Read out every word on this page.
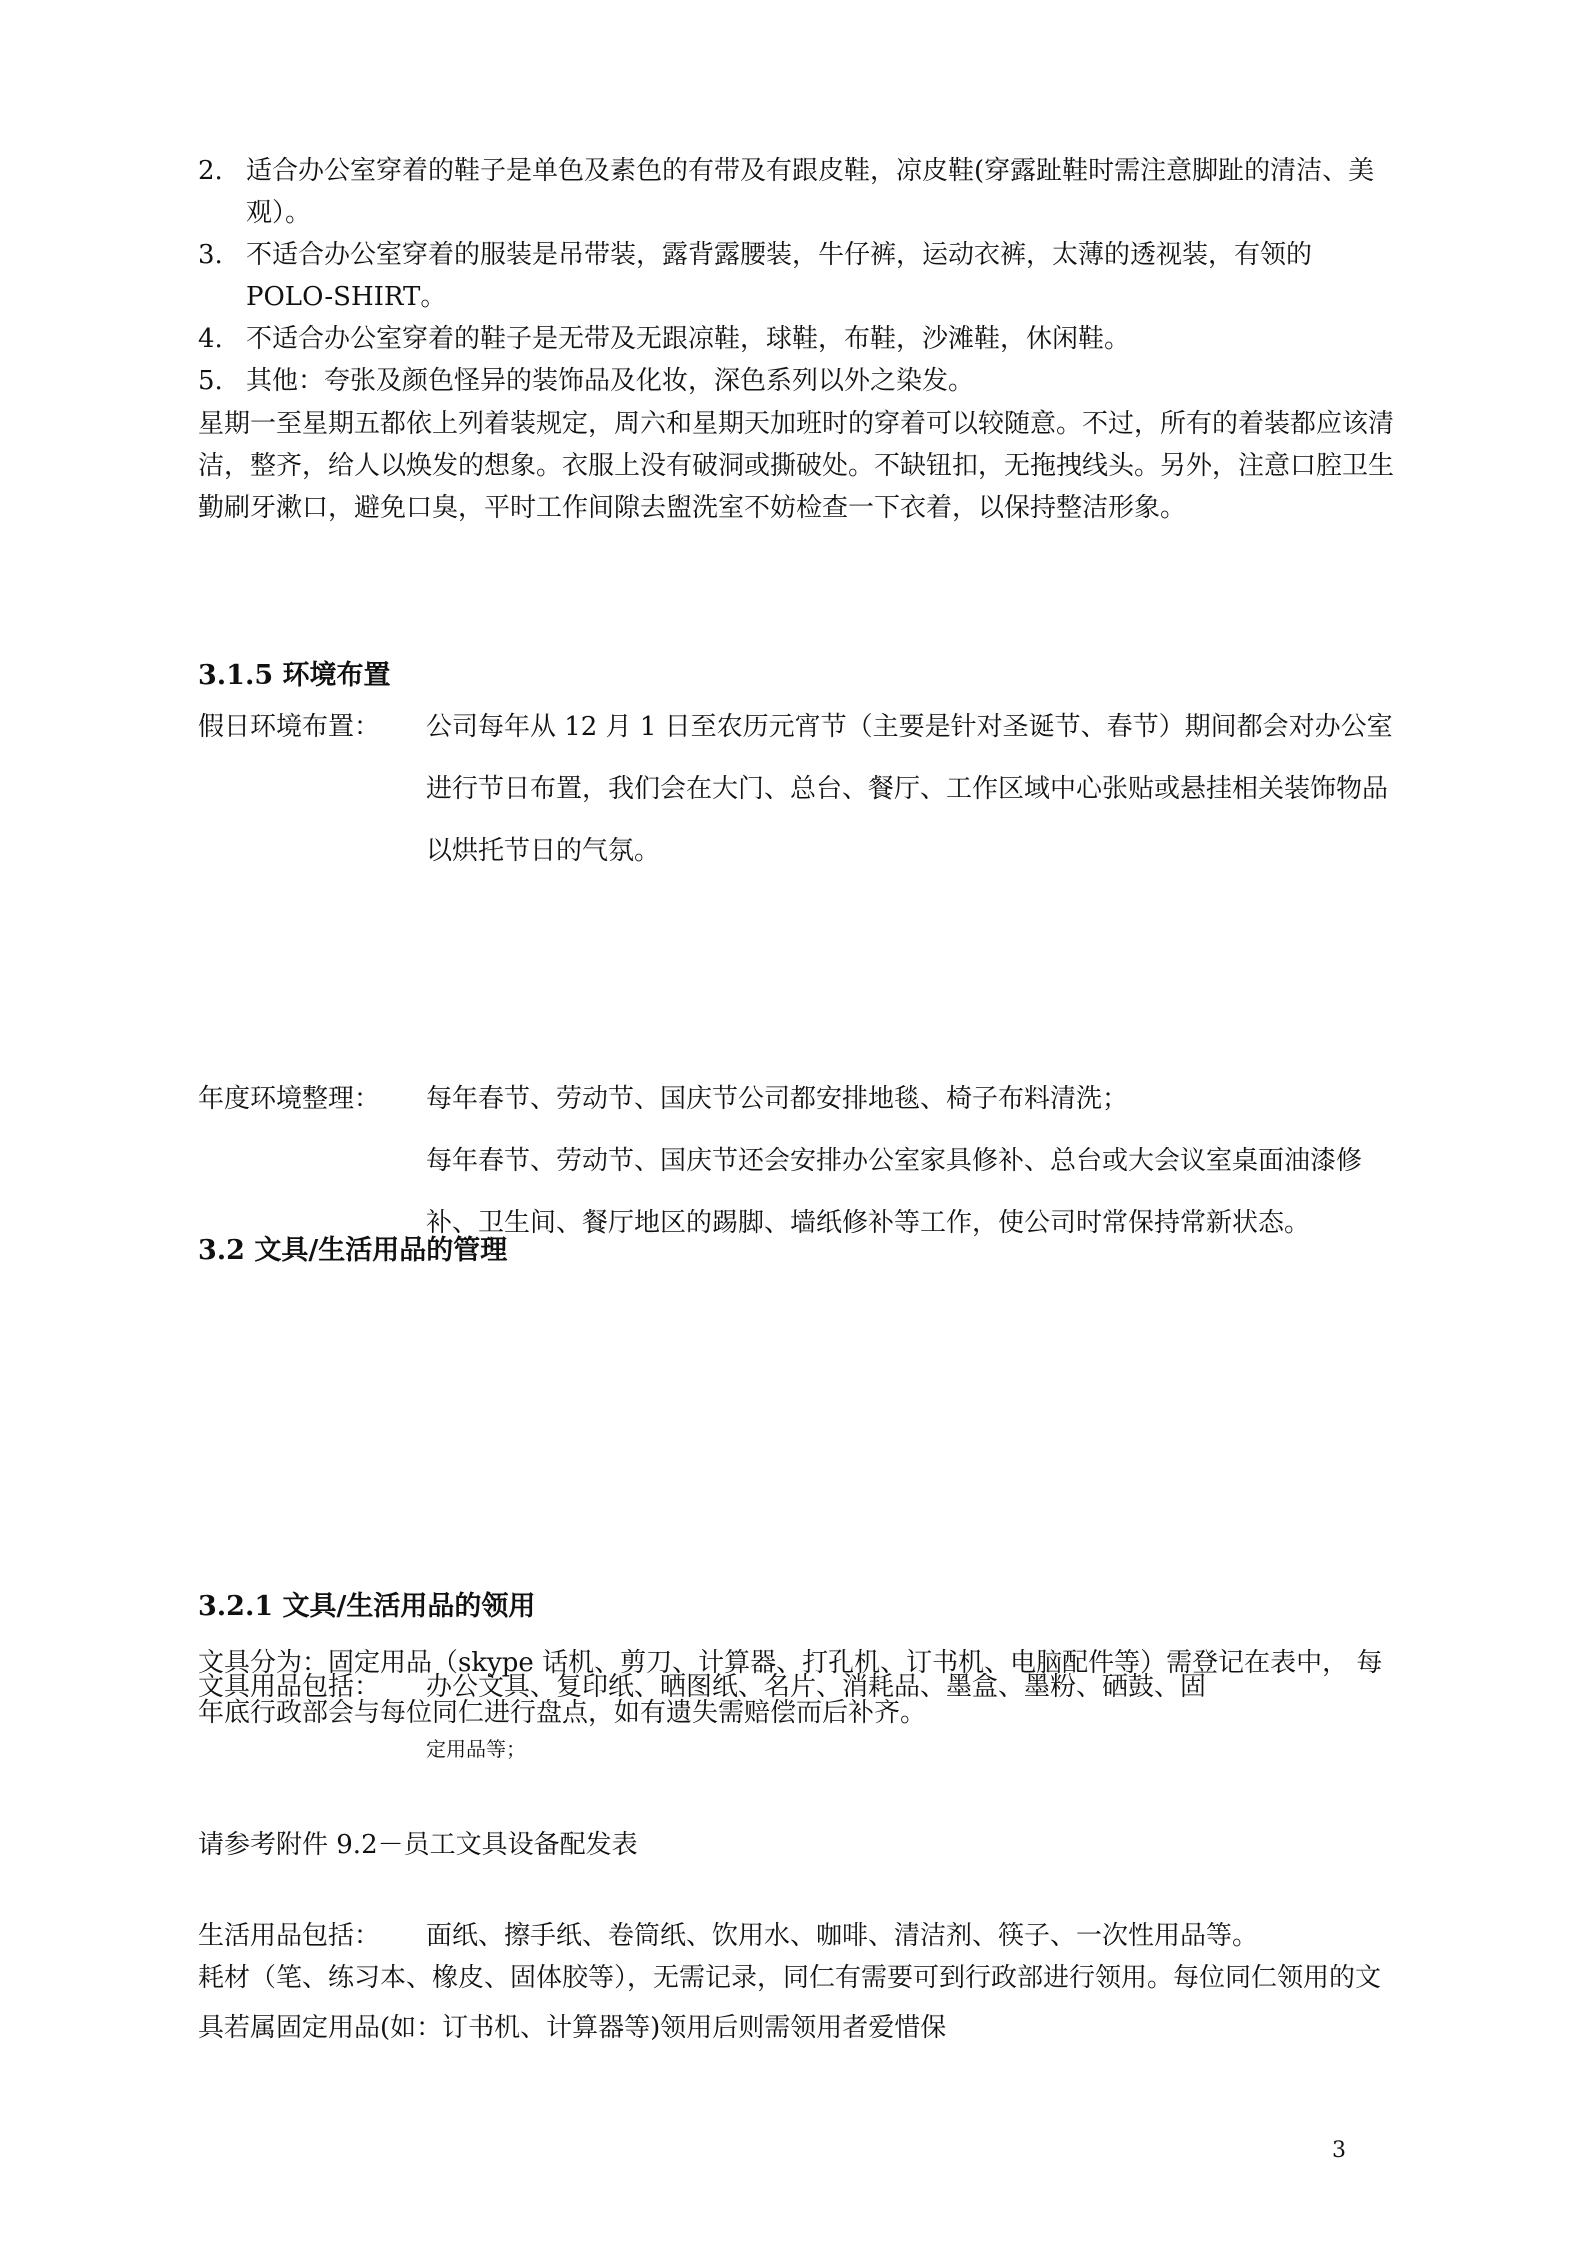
2. 适合办公室穿着的鞋子是单色及素色的有带及有跟皮鞋，凉皮鞋(穿露趾鞋时需注意脚趾的清洁、美观）。
3. 不适合办公室穿着的服装是吊带装，露背露腰装，牛仔裤，运动衣裤，太薄的透视装，有领的POLO-SHIRT。
4. 不适合办公室穿着的鞋子是无带及无跟凉鞋，球鞋，布鞋，沙滩鞋，休闲鞋。
5. 其他：夸张及颜色怪异的装饰品及化妆，深色系列以外之染发。

星期一至星期五都依上列着装规定，周六和星期天加班时的穿着可以较随意。不过，所有的着装都应该清洁，整齐，给人以焕发的想象。衣服上没有破洞或撕破处。不缺钮扣，无拖拽线头。另外，注意口腔卫生勤刷牙漱口，避免口臭，平时工作间隙去盥洗室不妨检查一下衣着，以保持整洁形象。

3.1.5 环境布置
假日环境布置： 公司每年从 12 月 1 日至农历元宵节（主要是针对圣诞节、春节）期间都会对办公室进行节日布置，我们会在大门、总台、餐厅、工作区域中心张贴或悬挂相关装饰物品以烘托节日的气氛。
年度环境整理： 每年春节、劳动节、国庆节公司都安排地毯、椅子布料清洗；
每年春节、劳动节、国庆节还会安排办公室家具修补、总台或大会议室桌面油漆修补、卫生间、餐厅地区的踢脚、墙纸修补等工作，使公司时常保持常新状态。
3.2 文具/生活用品的管理
文具用品包括： 办公文具、复印纸、晒图纸、名片、消耗品、墨盒、墨粉、硒鼓、固
定用品等；
生活用品包括： 面纸、擦手纸、卷筒纸、饮用水、咖啡、清洁剂、筷子、一次性用品等。
3.2.1 文具/生活用品的领用

文具分为：固定用品（skype 话机、剪刀、计算器、打孔机、订书机、电脑配件等）需登记在表中， 每年底行政部会与每位同仁进行盘点，如有遗失需赔偿而后补齐。

请参考附件 9.2－员工文具设备配发表

耗材（笔、练习本、橡皮、固体胶等），无需记录，同仁有需要可到行政部进行领用。每位同仁领用的文具若属固定用品(如：订书机、计算器等)领用后则需领用者爱惜保

3
